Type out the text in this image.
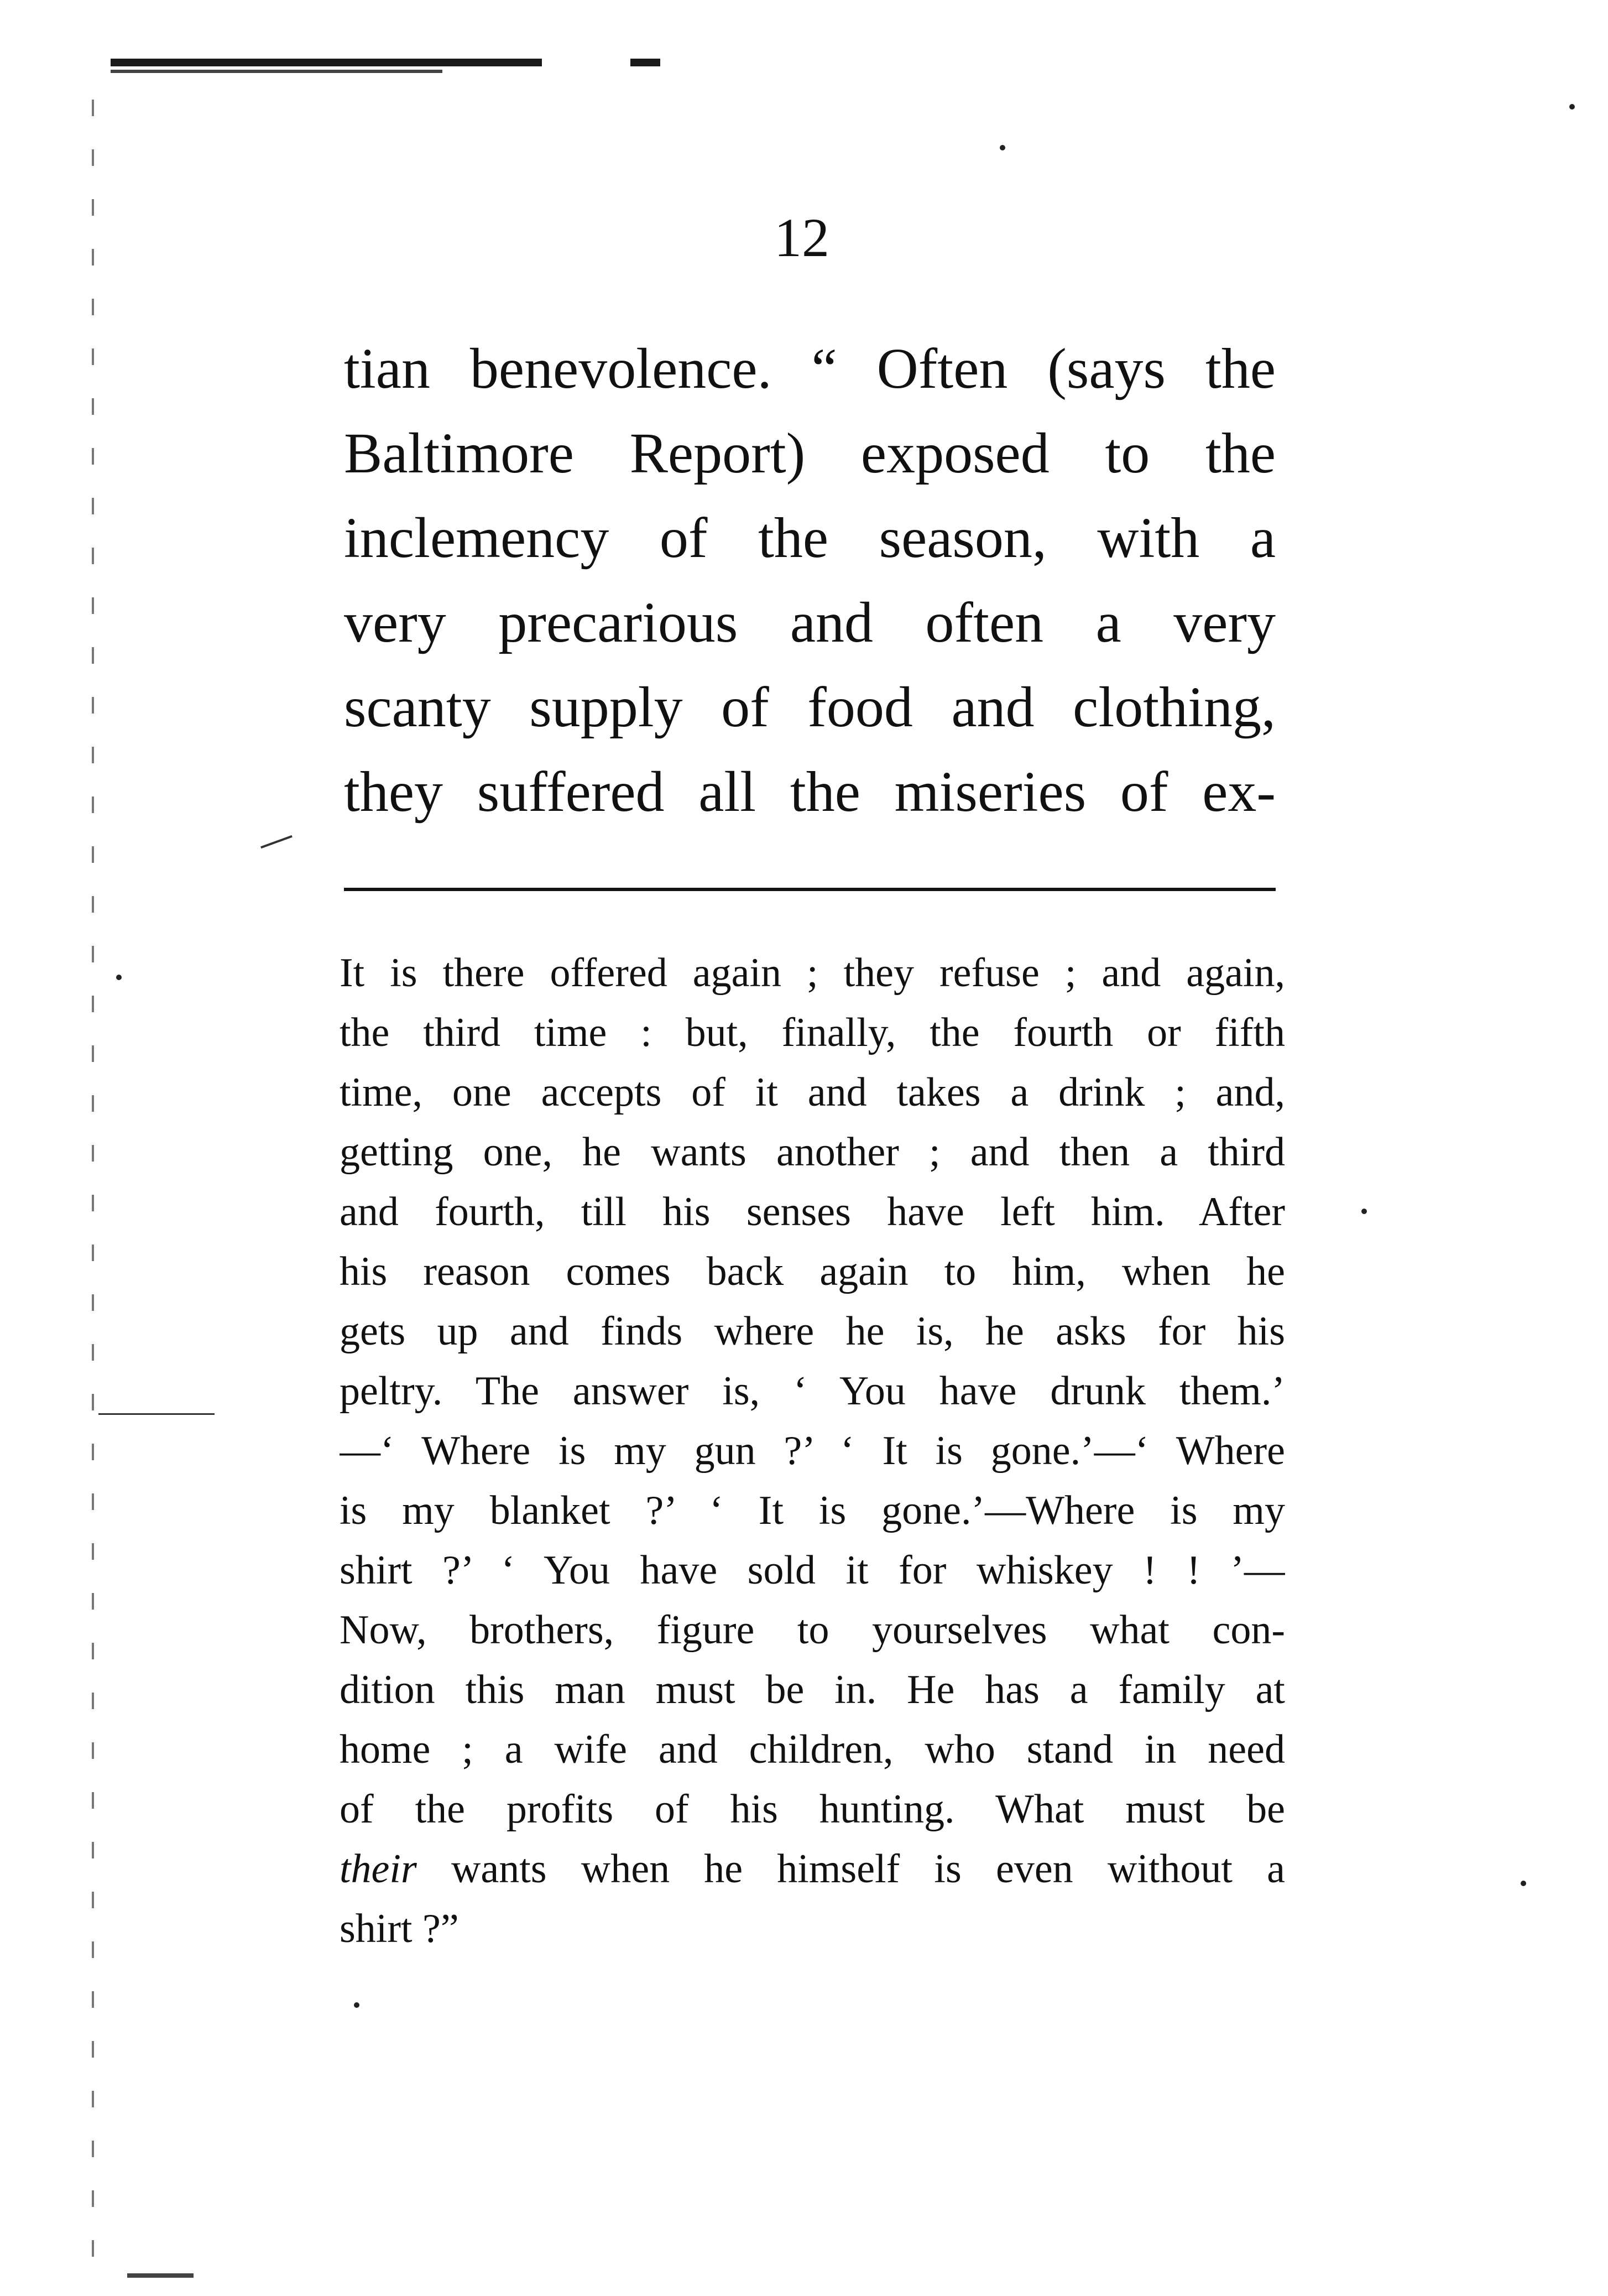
12
tian benevolence. “ Often (says the
Baltimore Report) exposed to the
inclemency of the season, with a
very precarious and often a very
scanty supply of food and clothing,
they suffered all the miseries of ex-
It is there offered again ; they refuse ; and again,
the third time : but, finally, the fourth or fifth
time, one accepts of it and takes a drink ; and,
getting one, he wants another ; and then a third
and fourth, till his senses have left him. After
his reason comes back again to him, when he
gets up and finds where he is, he asks for his
peltry. The answer is, ‘ You have drunk them.’
—‘ Where is my gun ?’ ‘ It is gone.’—‘ Where
is my blanket ?’ ‘ It is gone.’—Where is my
shirt ?’ ‘ You have sold it for whiskey ! ! ’—
Now, brothers, figure to yourselves what con-
dition this man must be in. He has a family at
home ; a wife and children, who stand in need
of the profits of his hunting. What must be
their wants when he himself is even without a
shirt ?”
